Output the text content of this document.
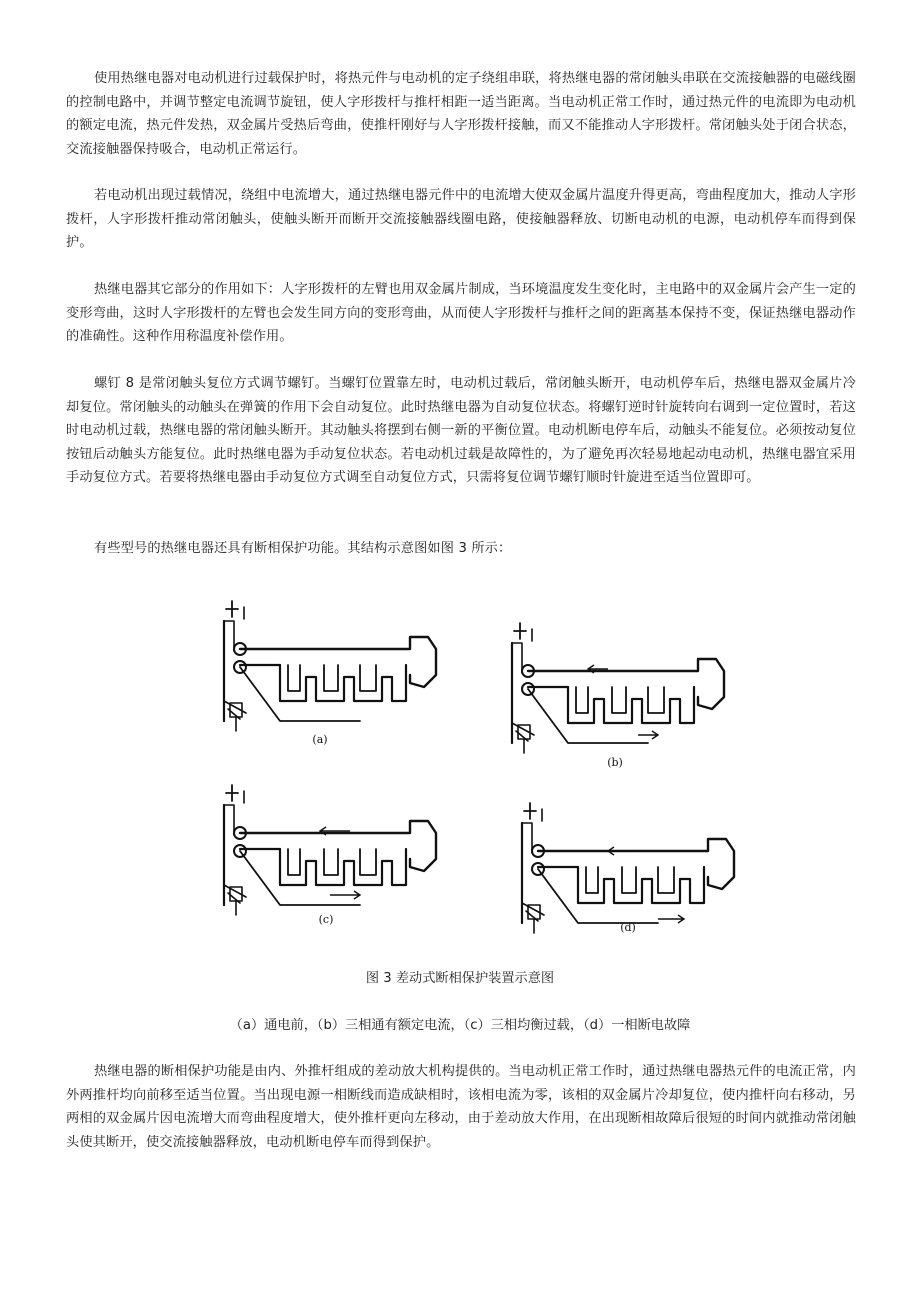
使用热继电器对电动机进行过载保护时，将热元件与电动机的定子绕组串联，将热继电器的常闭触头串联在交流接触器的电磁线圈的控制电路中，并调节整定电流调节旋钮，使人字形拨杆与推杆相距一适当距离。当电动机正常工作时，通过热元件的电流即为电动机的额定电流，热元件发热，双金属片受热后弯曲，使推杆刚好与人字形拨杆接触，而又不能推动人字形拨杆。常闭触头处于闭合状态，交流接触器保持吸合，电动机正常运行。

若电动机出现过载情况，绕组中电流增大，通过热继电器元件中的电流增大使双金属片温度升得更高，弯曲程度加大，推动人字形拨杆，人字形拨杆推动常闭触头，使触头断开而断开交流接触器线圈电路，使接触器释放、切断电动机的电源，电动机停车而得到保护。

热继电器其它部分的作用如下：人字形拨杆的左臂也用双金属片制成，当环境温度发生变化时，主电路中的双金属片会产生一定的变形弯曲，这时人字形拨杆的左臂也会发生同方向的变形弯曲，从而使人字形拨杆与推杆之间的距离基本保持不变，保证热继电器动作的准确性。这种作用称温度补偿作用。

螺钉 8 是常闭触头复位方式调节螺钉。当螺钉位置靠左时，电动机过载后，常闭触头断开，电动机停车后，热继电器双金属片冷却复位。常闭触头的动触头在弹簧的作用下会自动复位。此时热继电器为自动复位状态。将螺钉逆时针旋转向右调到一定位置时，若这时电动机过载，热继电器的常闭触头断开。其动触头将摆到右侧一新的平衡位置。电动机断电停车后，动触头不能复位。必须按动复位按钮后动触头方能复位。此时热继电器为手动复位状态。若电动机过载是故障性的，为了避免再次轻易地起动电动机，热继电器宜采用手动复位方式。若要将热继电器由手动复位方式调至自动复位方式，只需将复位调节螺钉顺时针旋进至适当位置即可。

有些型号的热继电器还具有断相保护功能。其结构示意图如图 3 所示：

(a)
(b)
(c)
(d)

图 3 差动式断相保护装置示意图

（a）通电前，（b）三相通有额定电流，（c）三相均衡过载，（d）一相断电故障

热继电器的断相保护功能是由内、外推杆组成的差动放大机构提供的。当电动机正常工作时，通过热继电器热元件的电流正常，内外两推杆均向前移至适当位置。当出现电源一相断线而造成缺相时，该相电流为零，该相的双金属片冷却复位，使内推杆向右移动，另两相的双金属片因电流增大而弯曲程度增大，使外推杆更向左移动，由于差动放大作用，在出现断相故障后很短的时间内就推动常闭触头使其断开，使交流接触器释放，电动机断电停车而得到保护。
